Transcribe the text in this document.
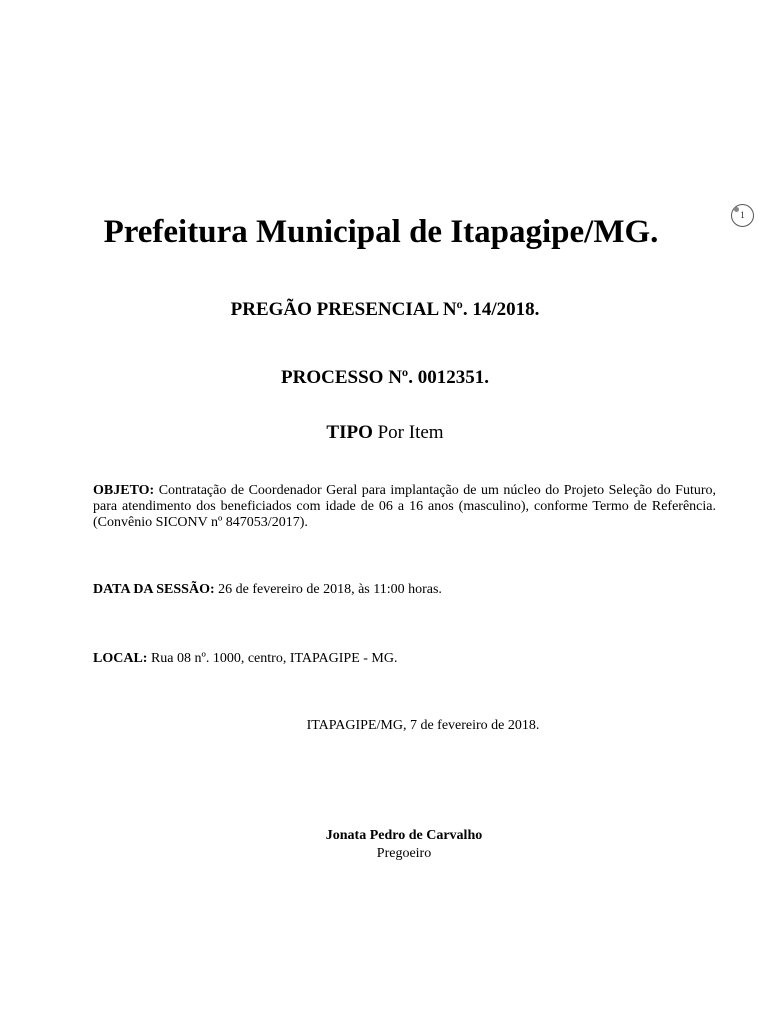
1
Prefeitura Municipal de Itapagipe/MG.

PREGÃO PRESENCIAL Nº. 14/2018.

PROCESSO Nº. 0012351.

TIPO Por Item

OBJETO: Contratação de Coordenador Geral para implantação de um núcleo do Projeto Seleção do Futuro, para atendimento dos beneficiados com idade de 06 a 16 anos (masculino), conforme Termo de Referência. (Convênio SICONV nº 847053/2017).

DATA DA SESSÃO: 26 de fevereiro de 2018, às 11:00 horas.

LOCAL: Rua 08 nº. 1000, centro, ITAPAGIPE - MG.

ITAPAGIPE/MG, 7 de fevereiro de 2018.

Jonata Pedro de Carvalho

Pregoeiro
